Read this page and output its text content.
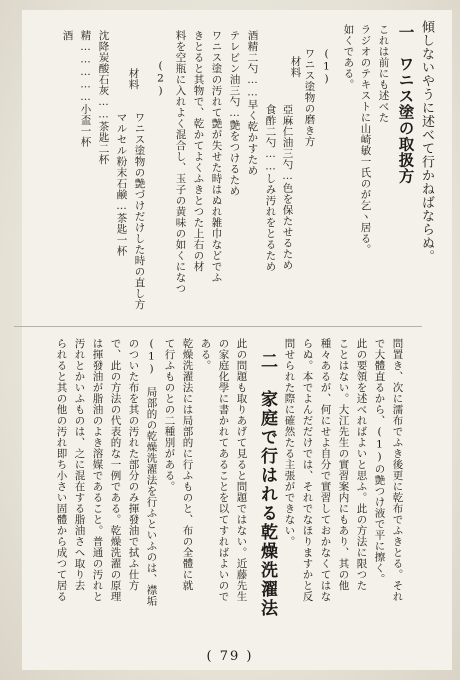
傾しないやうに述べて行かねばならぬ。
一　ワニス塗の取扱方
これは前にも述べた
ラジオのテキストに山崎敏一氏のが乞ヽ居る。
如くである。
(1)
ワニス塗物の磨き方
材料
亞麻仁油三勺…色を保たせるため
食酢二勺……しみ汚れをとるため
酒精二勺……早く乾かすため
テレビン油三勺…艶をつけるため
ワニス塗の汚れて艶が失せた時はぬれ雑巾などでふ
きとると其物で、乾かてよくふきとつた上右の材
料を空瓶に入れよく混合し、玉子の黄味の如くになつ
(2)
材料
ワニス塗物の艶づけだけした時の直し方
マルセル粉末石鹸…茶匙一杯
沈降炭酸石灰……茶匙二杯
精……………小盃一杯
酒
問置き、次に濡布でふき後更に乾布でふきとる。それ
で大體直るから、(1)の艶つけ液で平に擦く。
此の要領を述べればよいと思ふ。此の方法に限つた
ことはない。大江先生の實習案内にもあり、其の他
種々あるが、何にせよ自分で實習しておかなくてはな
らぬ。本でよんだだけでは、それでなほりますかと反
問せられた際に確然たる主張ができない。
二　家庭で行はれる乾燥洗濯法
此の問題も取りあげて見ると問題ではない。近藤先生
の家庭化學に書かれてあることを以てすればよいので
ある。
乾燥洗濯法には局部的に行ふものと、布の全體に就
て行ふものとの二種別がある。
(1)　局部的の乾燥洗濯法を行ふといふのは、襟垢
のついた布を其の汚れた部分のみ揮發油で拭ふ仕方
で、此の方法の代表的な一例である。乾燥洗濯の原理
は揮發油が脂油のよき溶媒であること。普通の汚れと
汚れとかいふものは、之に混在する脂油さへ取り去
られると其の他の汚れ即ち小さい固體から成つて居る
( 79 )
